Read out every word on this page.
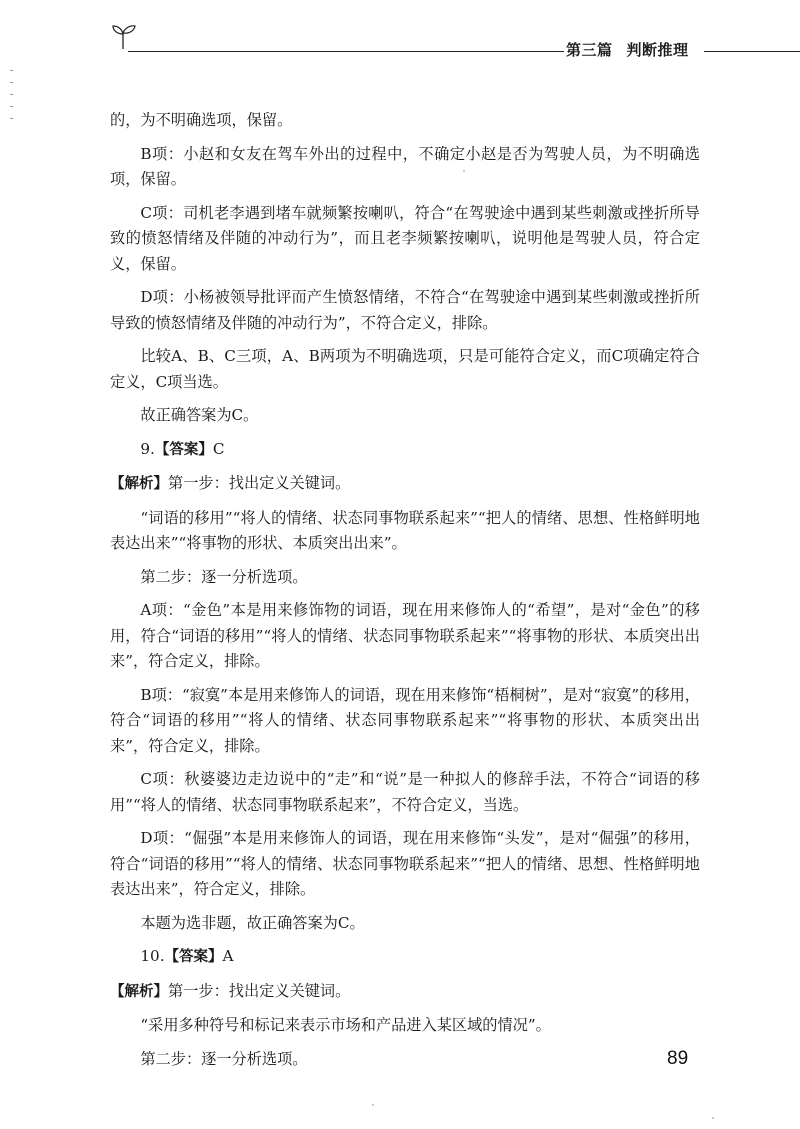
第三篇 判断推理

的，为不明确选项，保留。

B项：小赵和女友在驾车外出的过程中，不确定小赵是否为驾驶人员，为不明确选项，保留。

C项：司机老李遇到堵车就频繁按喇叭，符合“在驾驶途中遇到某些刺激或挫折所导致的愤怒情绪及伴随的冲动行为”，而且老李频繁按喇叭，说明他是驾驶人员，符合定义，保留。

D项：小杨被领导批评而产生愤怒情绪，不符合“在驾驶途中遇到某些刺激或挫折所导致的愤怒情绪及伴随的冲动行为”，不符合定义，排除。

比较A、B、C三项，A、B两项为不明确选项，只是可能符合定义，而C项确定符合定义，C项当选。

故正确答案为C。

9.【答案】C

【解析】第一步：找出定义关键词。

“词语的移用”“将人的情绪、状态同事物联系起来”“把人的情绪、思想、性格鲜明地表达出来”“将事物的形状、本质突出出来”。

第二步：逐一分析选项。

A项：“金色”本是用来修饰物的词语，现在用来修饰人的“希望”，是对“金色”的移用，符合“词语的移用”“将人的情绪、状态同事物联系起来”“将事物的形状、本质突出出来”，符合定义，排除。

B项：“寂寞”本是用来修饰人的词语，现在用来修饰“梧桐树”，是对“寂寞”的移用，符合“词语的移用”“将人的情绪、状态同事物联系起来”“将事物的形状、本质突出出来”，符合定义，排除。

C项：秋婆婆边走边说中的“走”和“说”是一种拟人的修辞手法，不符合“词语的移用”“将人的情绪、状态同事物联系起来”，不符合定义，当选。

D项：“倔强”本是用来修饰人的词语，现在用来修饰“头发”，是对“倔强”的移用，符合“词语的移用”“将人的情绪、状态同事物联系起来”“把人的情绪、思想、性格鲜明地表达出来”，符合定义，排除。

本题为选非题，故正确答案为C。

10.【答案】A

【解析】第一步：找出定义关键词。

“采用多种符号和标记来表示市场和产品进入某区域的情况”。

第二步：逐一分析选项。	89
